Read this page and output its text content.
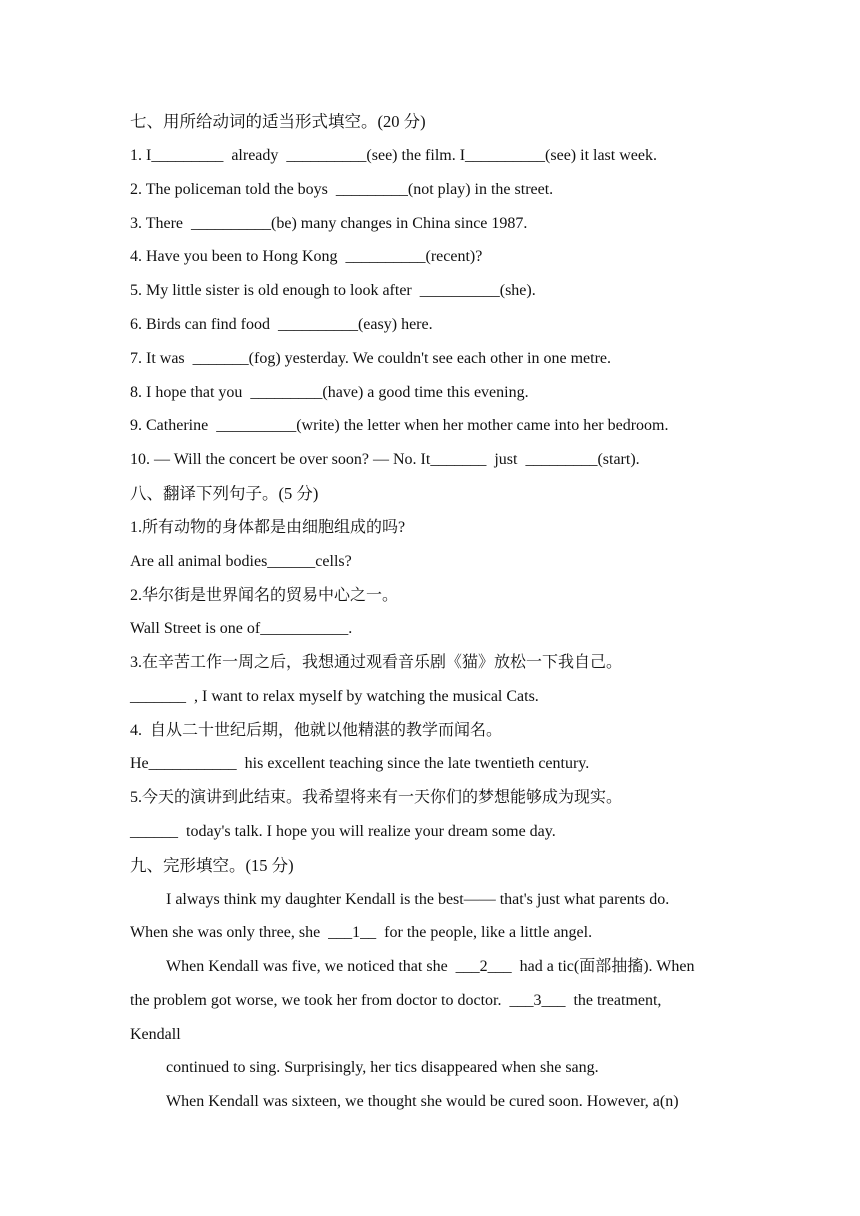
七、用所给动词的适当形式填空。(20 分)
1. I_________  already  __________(see) the film. I__________(see) it last week.
2. The policeman told the boys  _________(not play) in the street.
3. There  __________(be) many changes in China since 1987.
4. Have you been to Hong Kong  __________(recent)?
5. My little sister is old enough to look after  __________(she).
6. Birds can find food  __________(easy) here.
7. It was  _______(fog) yesterday. We couldn't see each other in one metre.
8. I hope that you  _________(have) a good time this evening.
9. Catherine  __________(write) the letter when her mother came into her bedroom.
10. — Will the concert be over soon? — No. It_______  just  _________(start).
八、翻译下列句子。(5 分)
1.所有动物的身体都是由细胞组成的吗?
Are all animal bodies______cells?
2.华尔街是世界闻名的贸易中心之一。
Wall Street is one of___________.
3.在辛苦工作一周之后，我想通过观看音乐剧《猫》放松一下我自己。
_______  , I want to relax myself by watching the musical Cats.
4.  自从二十世纪后期，他就以他精湛的教学而闻名。
He___________  his excellent teaching since the late twentieth century.
5.今天的演讲到此结束。我希望将来有一天你们的梦想能够成为现实。
______  today's talk. I hope you will realize your dream some day.
九、完形填空。(15 分)
I always think my daughter Kendall is the best—— that's just what parents do.
When she was only three, she  ___1__  for the people, like a little angel.
When Kendall was five, we noticed that she  ___2___  had a tic(面部抽搐). When
the problem got worse, we took her from doctor to doctor.  ___3___  the treatment,
Kendall
continued to sing. Surprisingly, her tics disappeared when she sang.
When Kendall was sixteen, we thought she would be cured soon. However, a(n)
